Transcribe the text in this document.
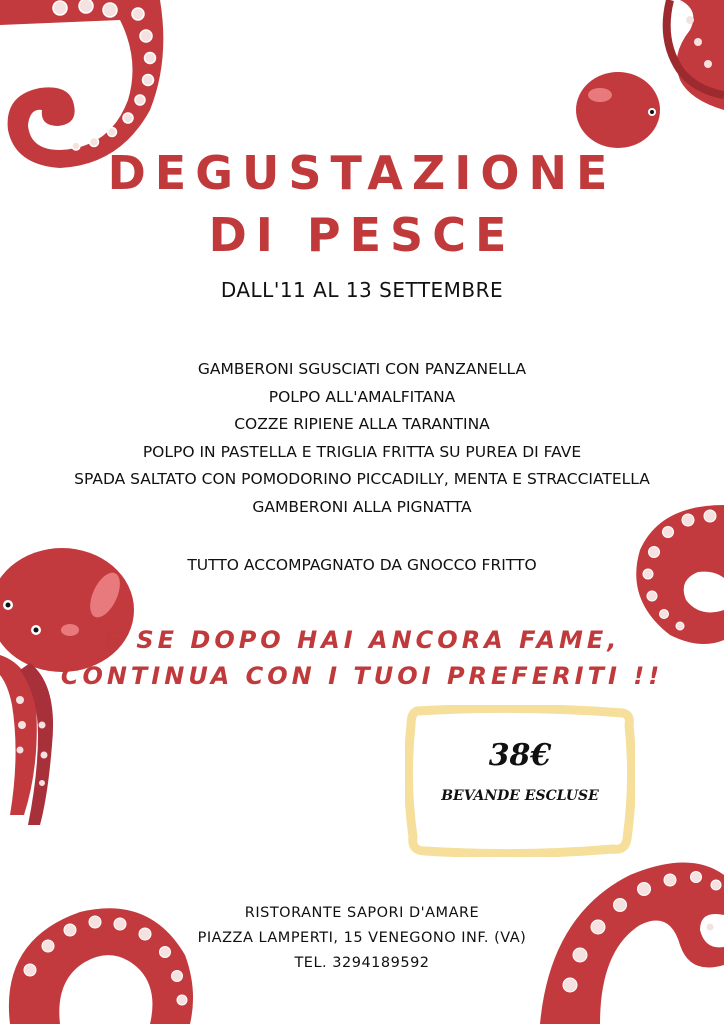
DEGUSTAZIONE
DI PESCE
DALL'11 AL 13 SETTEMBRE
GAMBERONI SGUSCIATI CON PANZANELLA
POLPO ALL'AMALFITANA
COZZE RIPIENE ALLA TARANTINA
POLPO IN PASTELLA E TRIGLIA FRITTA SU PUREA DI FAVE
SPADA SALTATO CON POMODORINO PICCADILLY, MENTA E STRACCIATELLA
GAMBERONI ALLA PIGNATTA
TUTTO ACCOMPAGNATO DA GNOCCO FRITTO
E SE DOPO HAI ANCORA FAME,
CONTINUA CON I TUOI PREFERITI !!
38€
BEVANDE ESCLUSE
RISTORANTE SAPORI D'AMARE
PIAZZA LAMPERTI, 15 VENEGONO INF. (VA)
TEL. 3294189592
